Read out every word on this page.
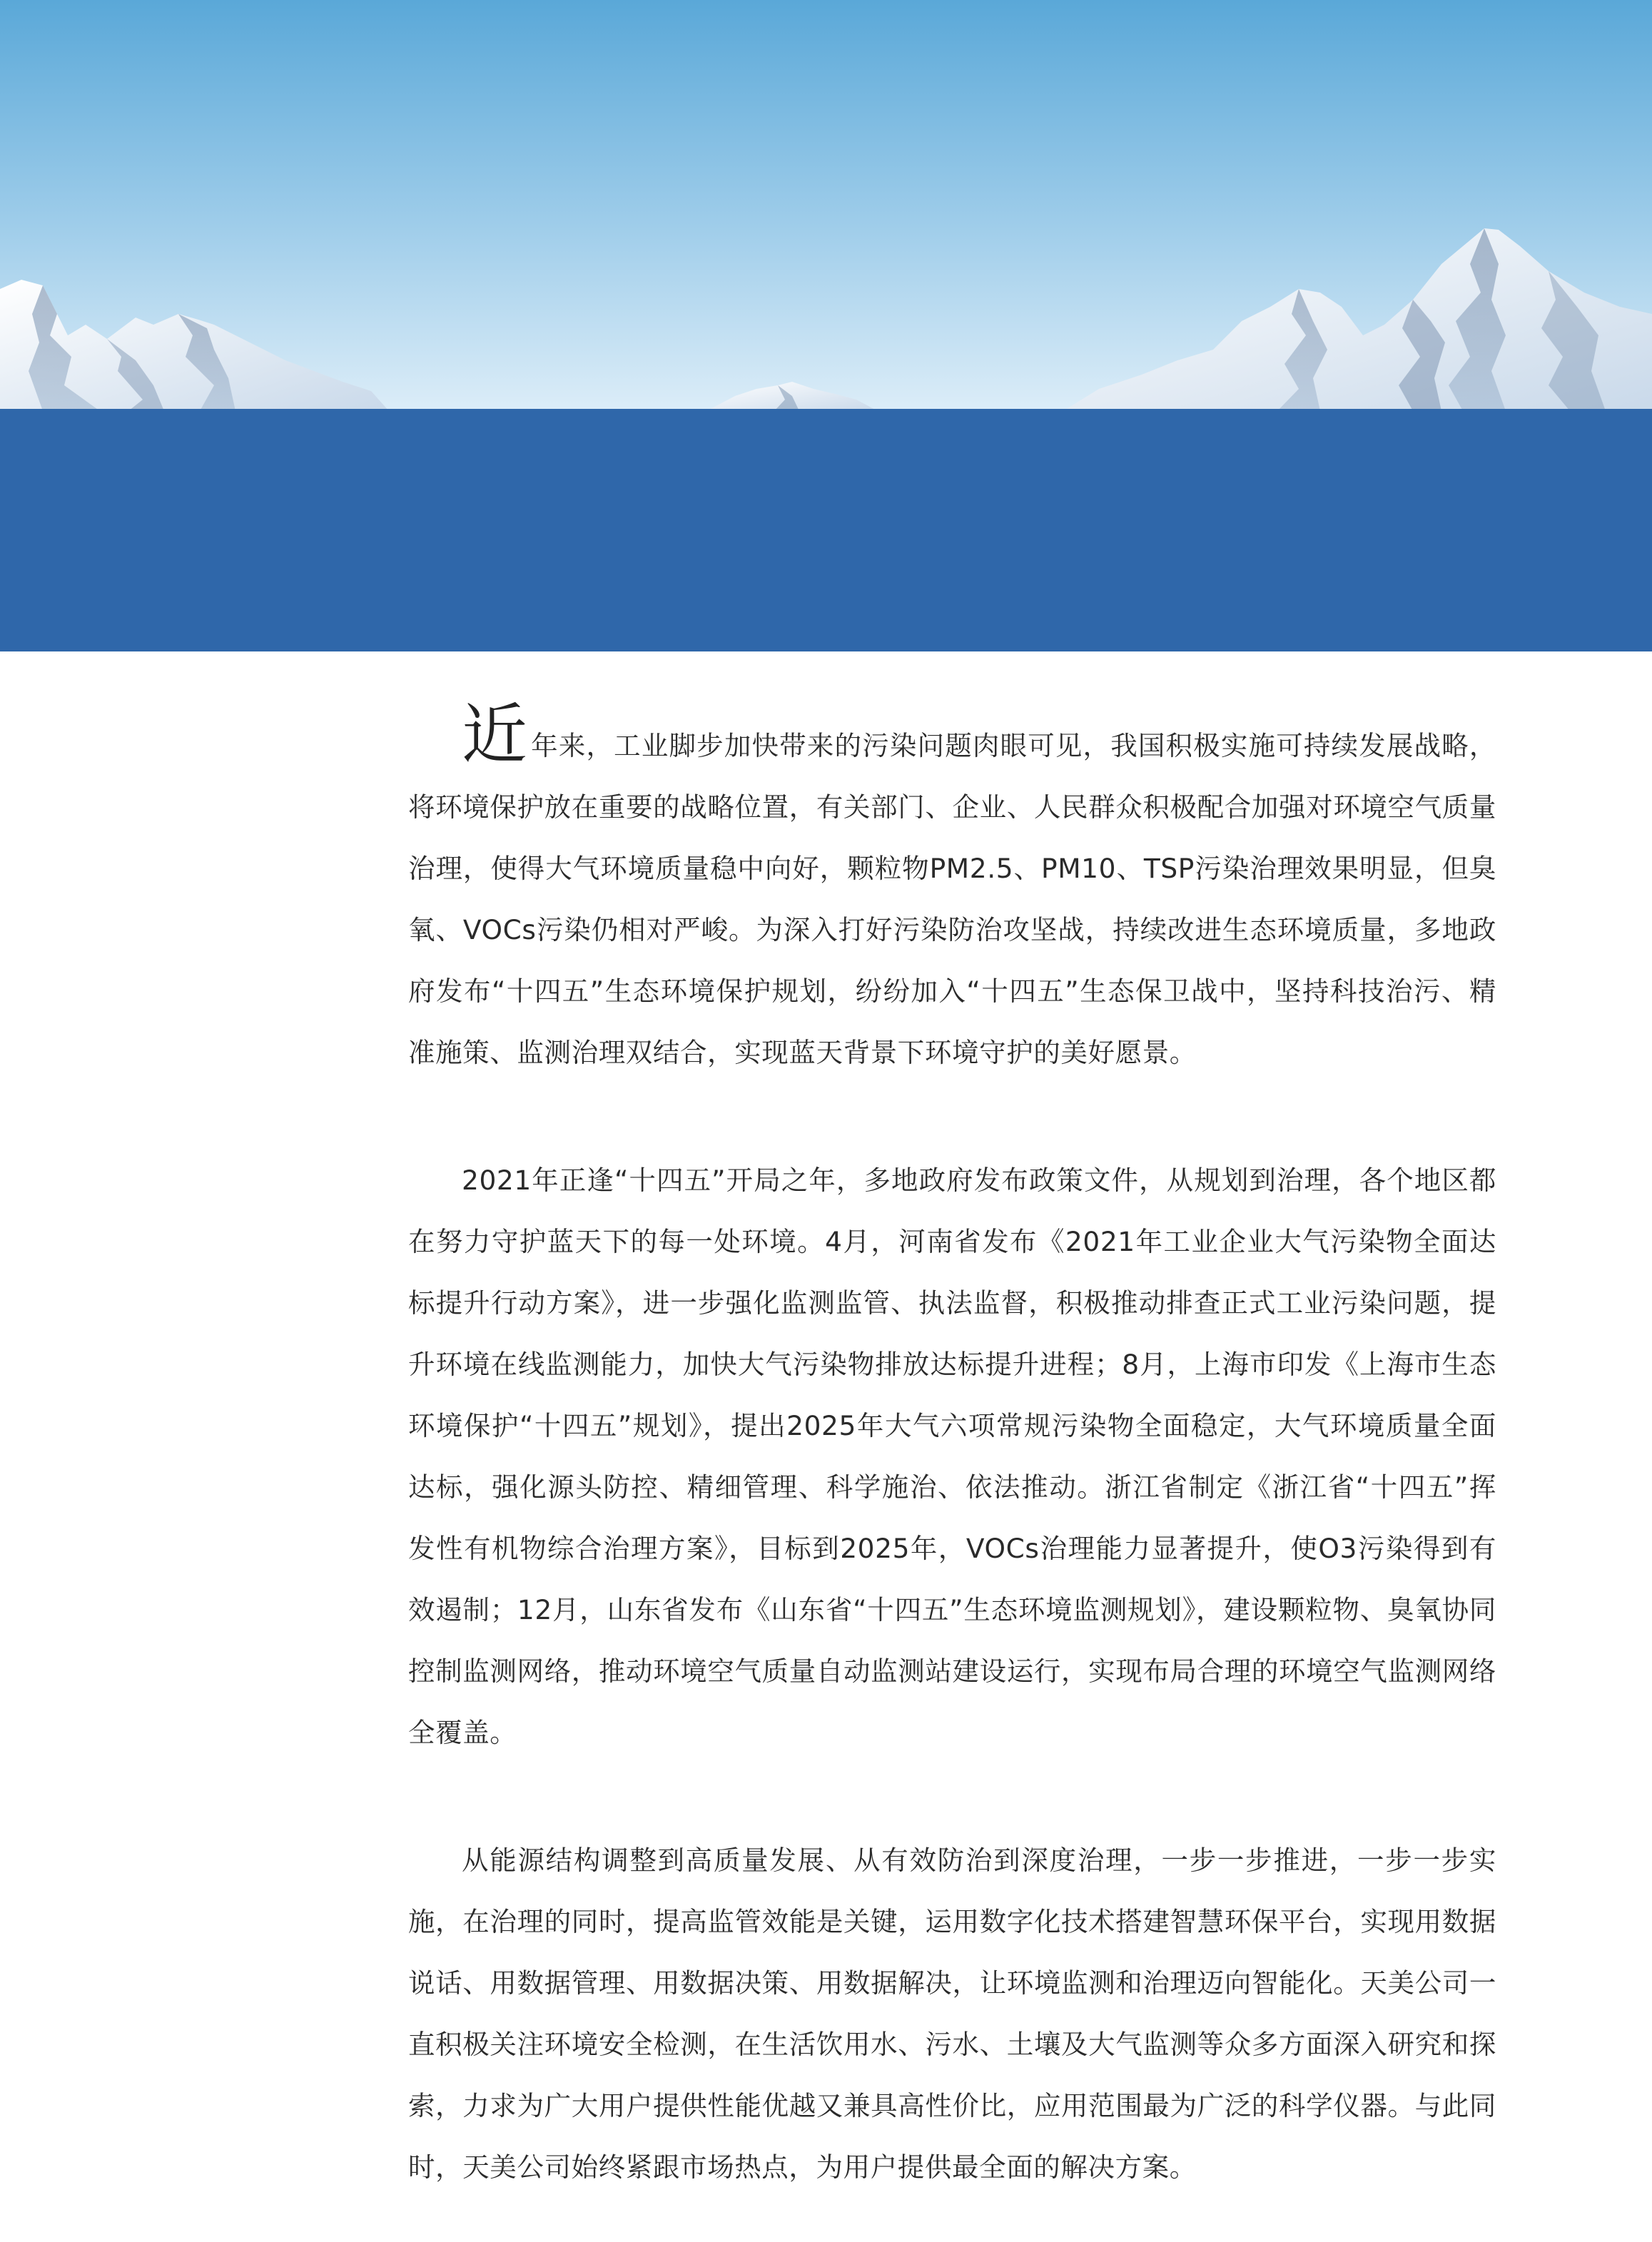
近年来，工业脚步加快带来的污染问题肉眼可见，我国积极实施可持续发展战略，将环境保护放在重要的战略位置，有关部门、企业、人民群众积极配合加强对环境空气质量治理，使得大气环境质量稳中向好，颗粒物PM2.5、PM10、TSP污染治理效果明显，但臭氧、VOCs污染仍相对严峻。为深入打好污染防治攻坚战，持续改进生态环境质量，多地政府发布“十四五”生态环境保护规划，纷纷加入“十四五”生态保卫战中，坚持科技治污、精准施策、监测治理双结合，实现蓝天背景下环境守护的美好愿景。

2021年正逢“十四五”开局之年，多地政府发布政策文件，从规划到治理，各个地区都在努力守护蓝天下的每一处环境。4月，河南省发布《2021年工业企业大气污染物全面达标提升行动方案》，进一步强化监测监管、执法监督，积极推动排查正式工业污染问题，提升环境在线监测能力，加快大气污染物排放达标提升进程；8月，上海市印发《上海市生态环境保护“十四五”规划》，提出2025年大气六项常规污染物全面稳定，大气环境质量全面达标，强化源头防控、精细管理、科学施治、依法推动。浙江省制定《浙江省“十四五”挥发性有机物综合治理方案》，目标到2025年，VOCs治理能力显著提升，使O3污染得到有效遏制；12月，山东省发布《山东省“十四五”生态环境监测规划》，建设颗粒物、臭氧协同控制监测网络，推动环境空气质量自动监测站建设运行，实现布局合理的环境空气监测网络全覆盖。

从能源结构调整到高质量发展、从有效防治到深度治理，一步一步推进，一步一步实施，在治理的同时，提高监管效能是关键，运用数字化技术搭建智慧环保平台，实现用数据说话、用数据管理、用数据决策、用数据解决，让环境监测和治理迈向智能化。天美公司一直积极关注环境安全检测，在生活饮用水、污水、土壤及大气监测等众多方面深入研究和探索，力求为广大用户提供性能优越又兼具高性价比，应用范围最为广泛的科学仪器。与此同时，天美公司始终紧跟市场热点，为用户提供最全面的解决方案。
